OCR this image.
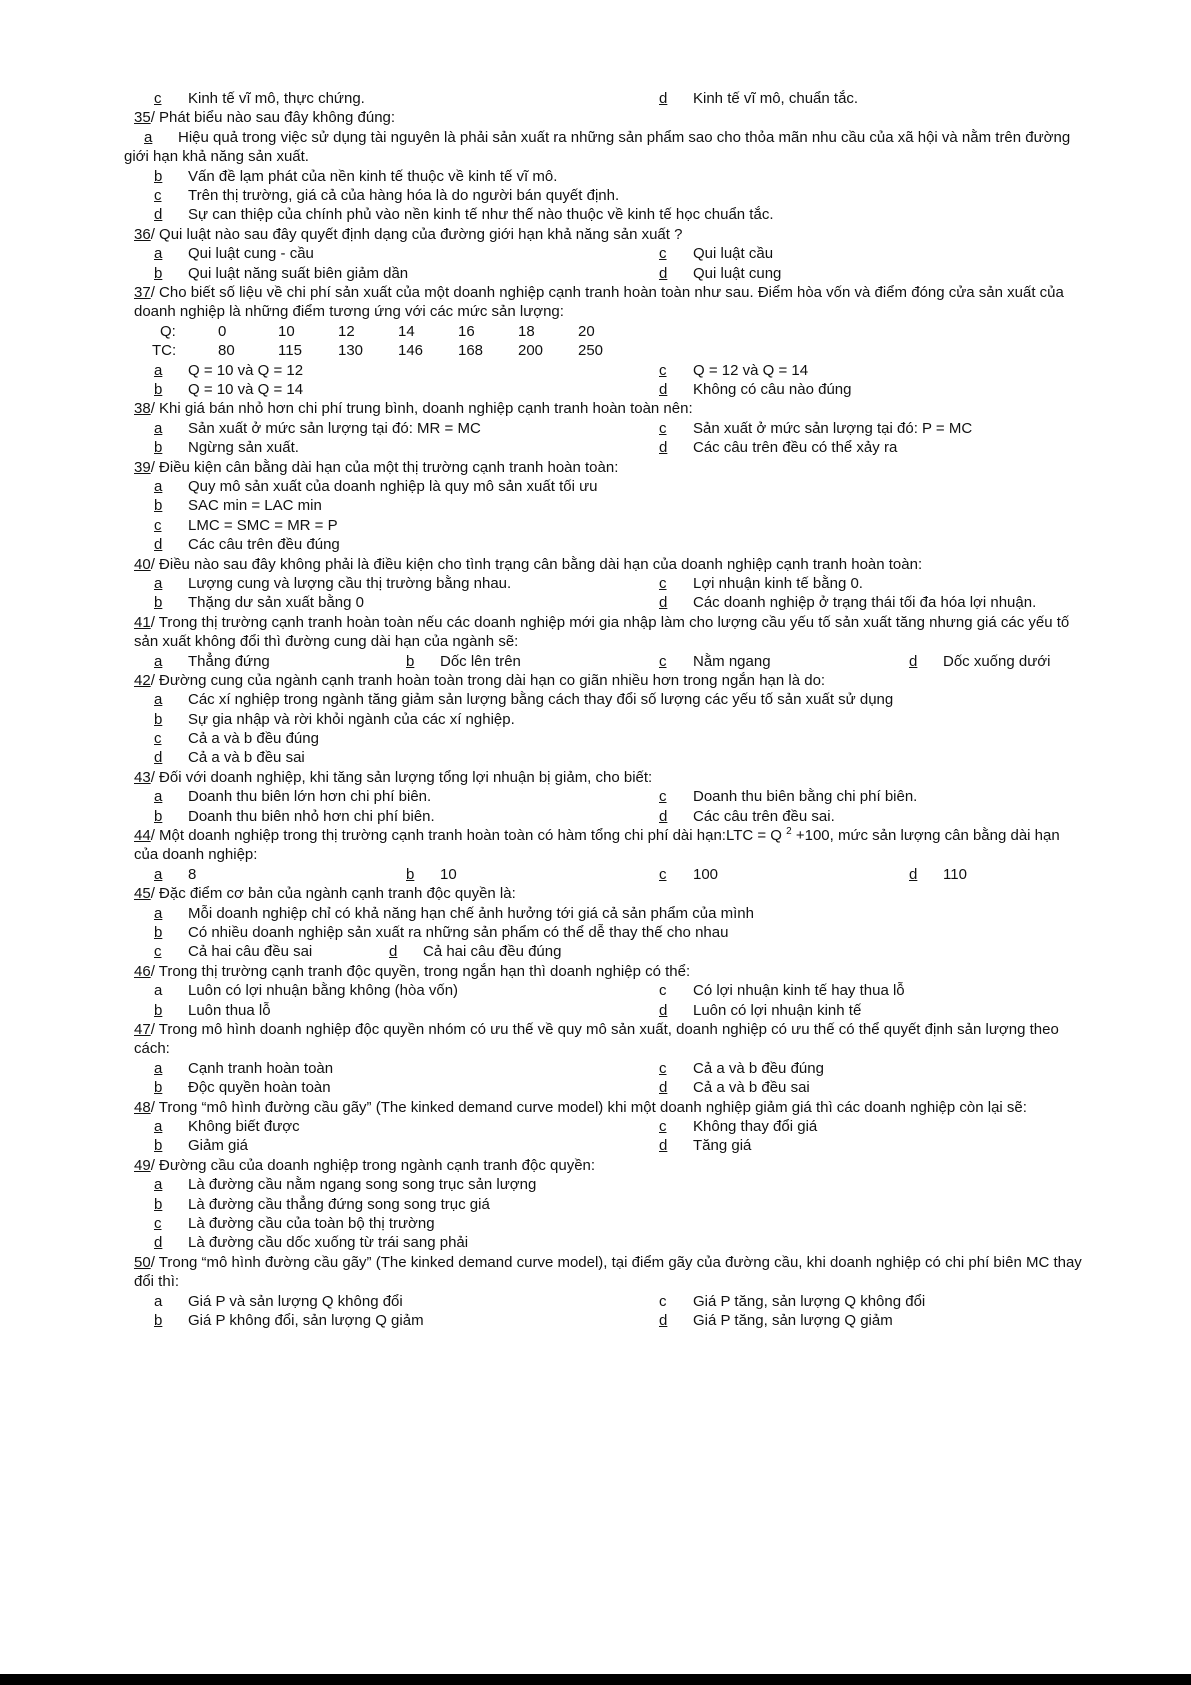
c Kinh tế vĩ mô, thực chứng.	d Kinh tế vĩ mô, chuẩn tắc.
35/ Phát biểu nào sau đây không đúng:
a Hiệu quả trong việc sử dụng tài nguyên là phải sản xuất ra những sản phẩm sao cho thỏa mãn nhu cầu của xã hội và nằm trên đường giới hạn khả năng sản xuất.
b Vấn đề lạm phát của nền kinh tế thuộc về kinh tế vĩ mô.
c Trên thị trường, giá cả của hàng hóa là do người bán quyết định.
d Sự can thiệp của chính phủ vào nền kinh tế như thế nào thuộc về kinh tế học chuẩn tắc.
36/ Qui luật nào sau đây quyết định dạng của đường giới hạn khả năng sản xuất ?
a Qui luật cung - cầu	c Qui luật cầu
b Qui luật năng suất biên giảm dần	d Qui luật cung
37/ Cho biết số liệu về chi phí sản xuất của một doanh nghiệp cạnh tranh hoàn toàn như sau. Điểm hòa vốn và điểm đóng cửa sản xuất của doanh nghiệp là những điểm tương ứng với các mức sản lượng:
Q:	0	10	12	14	16	18	20
TC:	80	115 130 146 168 200 250
a Q = 10 và Q = 12	c Q = 12 và Q = 14
b Q = 10 và Q = 14	d Không có câu nào đúng
38/ Khi giá bán nhỏ hơn chi phí trung bình, doanh nghiệp cạnh tranh hoàn toàn nên:
a Sản xuất ở mức sản lượng tại đó: MR = MC	c Sản xuất ở mức sản lượng tại đó: P = MC
b Ngừng sản xuất.	d Các câu trên đều có thể xảy ra
39/ Điều kiện cân bằng dài hạn của một thị trường cạnh tranh hoàn toàn:
a Quy mô sản xuất của doanh nghiệp là quy mô sản xuất tối ưu
b SAC min = LAC min
c LMC = SMC = MR = P
d Các câu trên đều đúng
40/ Điều nào sau đây không phải là điều kiện cho tình trạng cân bằng dài hạn của doanh nghiệp cạnh tranh hoàn toàn:
a Lượng cung và lượng cầu thị trường bằng nhau.	c Lợi nhuận kinh tế bằng 0.
b Thặng dư sản xuất bằng 0	d Các doanh nghiệp ở trạng thái tối đa hóa lợi nhuận.
41/ Trong thị trường cạnh tranh hoàn toàn nếu các doanh nghiệp mới gia nhập làm cho lượng cầu yếu tố sản xuất tăng nhưng giá các yếu tố sản xuất không đổi thì đường cung dài hạn của ngành sẽ:
a Thẳng đứng	b Dốc lên trên	c Nằm ngang	d Dốc xuống dưới
42/ Đường cung của ngành cạnh tranh hoàn toàn trong dài hạn co giãn nhiều hơn trong ngắn hạn là do:
a Các xí nghiệp trong ngành tăng giảm sản lượng bằng cách thay đổi số lượng các yếu tố sản xuất sử dụng
b Sự gia nhập và rời khỏi ngành của các xí nghiệp.
c Cả a và b đều đúng
d Cả a và b đều sai
43/ Đối với doanh nghiệp, khi tăng sản lượng tổng lợi nhuận bị giảm, cho biết:
a Doanh thu biên lớn hơn chi phí biên.	c Doanh thu biên bằng chi phí biên.
b Doanh thu biên nhỏ hơn chi phí biên.	d Các câu trên đều sai.
44/ Một doanh nghiệp trong thị trường cạnh tranh hoàn toàn có hàm tổng chi phí dài hạn:LTC = Q $^2$ +100, mức sản lượng cân bằng dài hạn của doanh nghiệp:
a 8	b 10	c 100	d 110
45/ Đặc điểm cơ bản của ngành cạnh tranh độc quyền là:
a Mỗi doanh nghiệp chỉ có khả năng hạn chế ảnh hưởng tới giá cả sản phẩm của mình
b Có nhiều doanh nghiệp sản xuất ra những sản phẩm có thể dễ thay thế cho nhau
c Cả hai câu đều sai	d Cả hai câu đều đúng
46/ Trong thị trường cạnh tranh độc quyền, trong ngắn hạn thì doanh nghiệp có thể:
a Luôn có lợi nhuận bằng không (hòa vốn)	c Có lợi nhuận kinh tế hay thua lỗ
b Luôn thua lỗ	d Luôn có lợi nhuận kinh tế
47/ Trong mô hình doanh nghiệp độc quyền nhóm có ưu thế về quy mô sản xuất, doanh nghiệp có ưu thế có thể quyết định sản lượng theo cách:
a Cạnh tranh hoàn toàn	c Cả a và b đều đúng
b Độc quyền hoàn toàn	d Cả a và b đều sai
48/ Trong “mô hình đường cầu gãy” (The kinked demand curve model) khi một doanh nghiệp giảm giá thì các doanh nghiệp còn lại sẽ:
a Không biết được	c Không thay đổi giá
b Giảm giá	d Tăng giá
49/ Đường cầu của doanh nghiệp trong ngành cạnh tranh độc quyền:
a Là đường cầu nằm ngang song song trục sản lượng
b Là đường cầu thẳng đứng song song trục giá
c Là đường cầu của toàn bộ thị trường
d Là đường cầu dốc xuống từ trái sang phải
50/ Trong “mô hình đường cầu gãy” (The kinked demand curve model), tại điểm gãy của đường cầu, khi doanh nghiệp có chi phí biên MC thay đổi thì:
a Giá P và sản lượng Q không đổi	c Giá P tăng, sản lượng Q không đổi
b Giá P không đổi, sản lượng Q giảm	d Giá P tăng, sản lượng Q giảm
